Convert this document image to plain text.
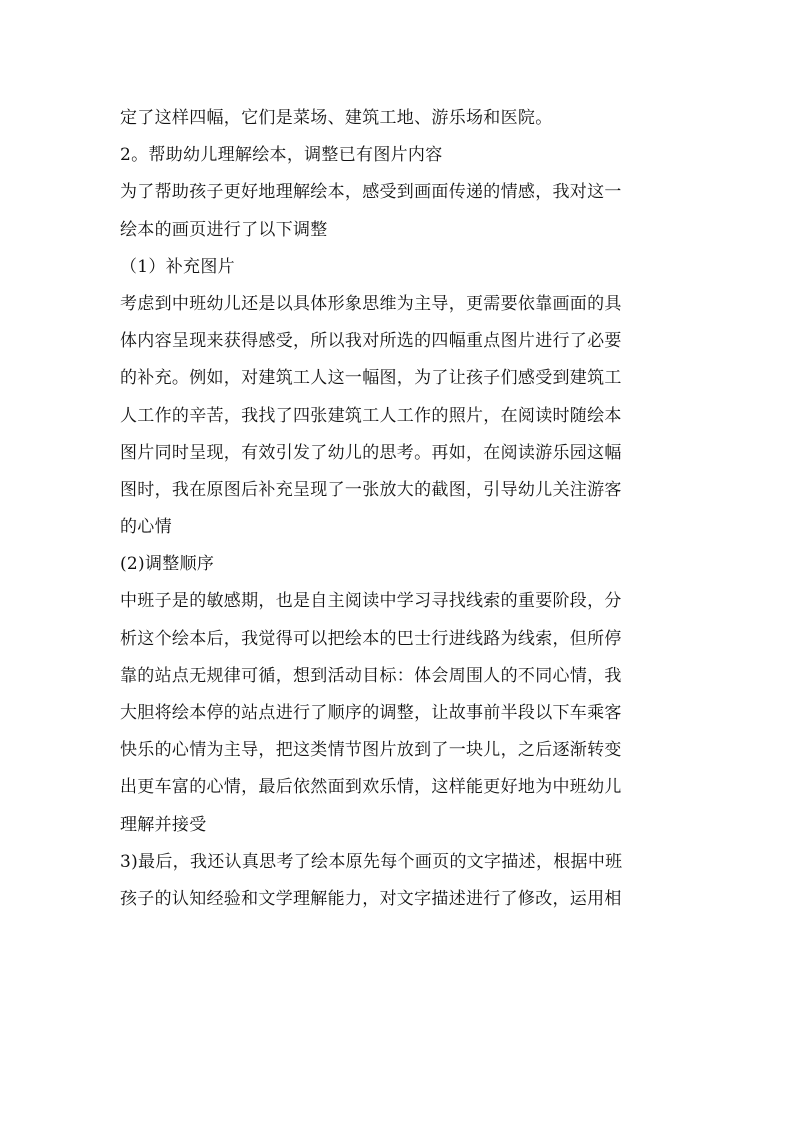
定了这样四幅，它们是菜场、建筑工地、游乐场和医院。
2。帮助幼儿理解绘本，调整已有图片内容
为了帮助孩子更好地理解绘本，感受到画面传递的情感，我对这一
绘本的画页进行了以下调整
（1）补充图片
考虑到中班幼儿还是以具体形象思维为主导，更需要依靠画面的具
体内容呈现来获得感受，所以我对所选的四幅重点图片进行了必要
的补充。例如，对建筑工人这一幅图，为了让孩子们感受到建筑工
人工作的辛苦，我找了四张建筑工人工作的照片，在阅读时随绘本
图片同时呈现，有效引发了幼儿的思考。再如，在阅读游乐园这幅
图时，我在原图后补充呈现了一张放大的截图，引导幼儿关注游客
的心情
(2)调整顺序
中班子是的敏感期，也是自主阅读中学习寻找线索的重要阶段，分
析这个绘本后，我觉得可以把绘本的巴士行进线路为线索，但所停
靠的站点无规律可循，想到活动目标：体会周围人的不同心情，我
大胆将绘本停的站点进行了顺序的调整，让故事前半段以下车乘客
快乐的心情为主导，把这类情节图片放到了一块儿，之后逐渐转变
出更车富的心情，最后依然面到欢乐情，这样能更好地为中班幼儿
理解并接受
3)最后，我还认真思考了绘本原先每个画页的文字描述，根据中班
孩子的认知经验和文学理解能力，对文字描述进行了修改，运用相
